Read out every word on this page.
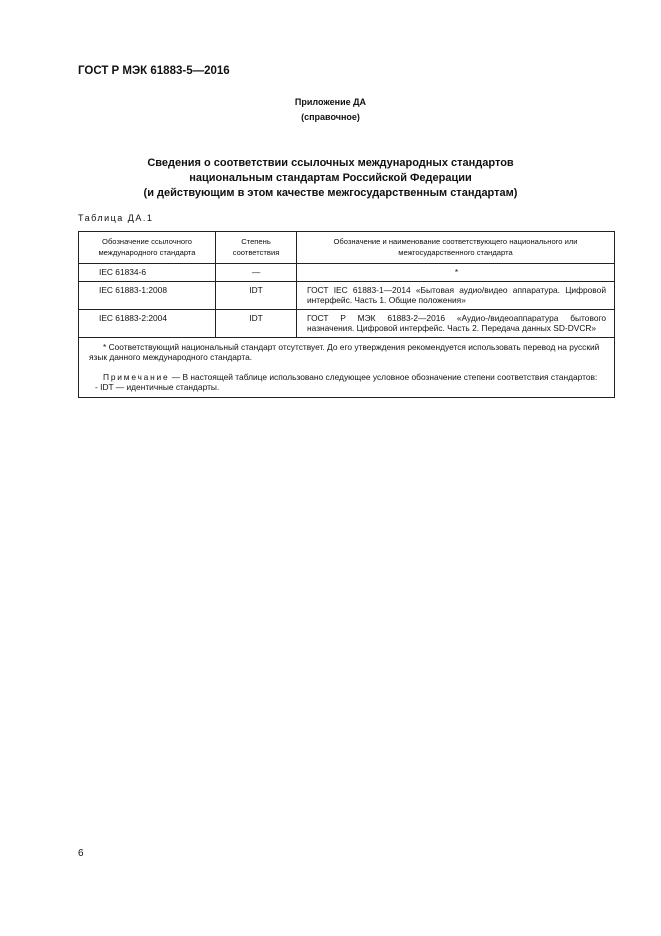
ГОСТ Р МЭК 61883-5—2016
Приложение ДА
(справочное)
Сведения о соответствии ссылочных международных стандартов
национальным стандартам Российской Федерации
(и действующим в этом качестве межгосударственным стандартам)
Таблица ДА.1
Обозначение ссылочного международного стандарта	Степень соответствия	Обозначение и наименование соответствующего национального или межгосударственного стандарта
IEC 61834-6	—	*
IEC 61883-1:2008	IDT	ГОСТ IEC 61883-1—2014 «Бытовая аудио/видео аппаратура. Цифровой интерфейс. Часть 1. Общие положения»
IEC 61883-2:2004	IDT	ГОСТ Р МЭК 61883-2—2016 «Аудио-/видеоаппаратура бытового назначения. Цифровой интерфейс. Часть 2. Передача данных SD-DVCR»

* Соответствующий национальный стандарт отсутствует. До его утверждения рекомендуется использовать перевод на русский язык данного международного стандарта.

Примечание — В настоящей таблице использовано следующее условное обозначение степени соответствия стандартов:

- IDT — идентичные стандарты.		

6
